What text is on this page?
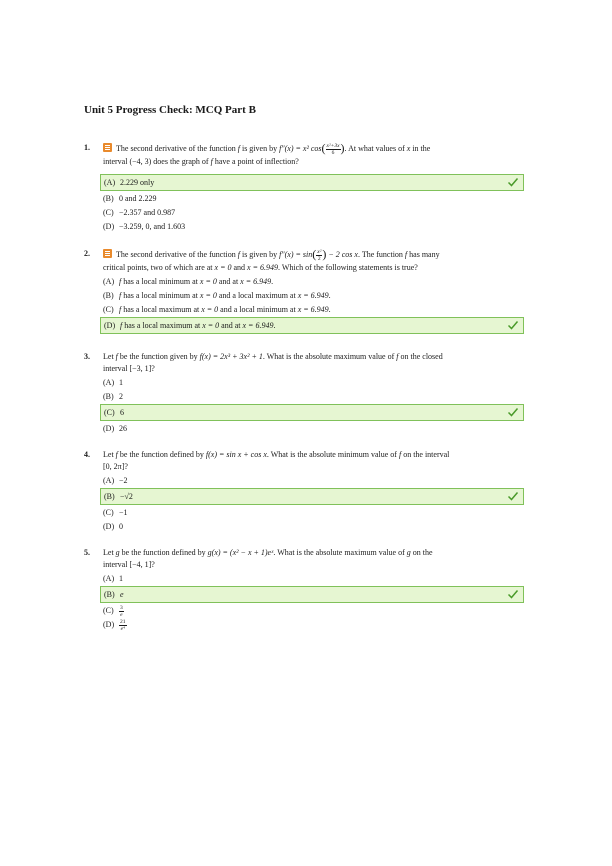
Unit 5 Progress Check: MCQ Part B
1.	The second derivative of the function f is given by f″(x) = x² $\cos( \frac{\text{x²+3x}}{6}$ ). At what values of x in the
interval (−4, 3) does the graph of f have a point of inflection?
(A) 2.229 only
(B) 0 and 2.229
(C) −2.357 and 0.987
(D) −3.259, 0, and 1.603
2.	The second derivative of the function f is given by $f''(x) = \sin( \frac{\text{x²}}{2}$ ) − 2 cos x. The function f has many
critical points, two of which are at x = 0 and x = 6.949. Which of the following statements is true?
(A) f has a local minimum at x = 0 and at x = 6.949.
(B) f has a local minimum at x = 0 and a local maximum at x = 6.949.
(C) f has a local maximum at x = 0 and a local minimum at x = 6.949.
(D) f has a local maximum at x = 0 and at x = 6.949.
3. Let f be the function given by f(x) = 2x³ + 3x² + 1. What is the absolute maximum value of f on the closed
interval [−3, 1]?
(A) 1
(B) 2
(C) 6
(D) 26
4. Let f be the function defined by f(x) = sin x + cos x. What is the absolute minimum value of f on the interval
[0, 2π]?
(A) −2
(B) −√2
(C) −1
(D) 0
5. Let g be the function defined by g(x) = (x² − x + 1)eˣ. What is the absolute maximum value of g on the
interval [−4, 1]?
(A) 1
(B) e
$(C) \frac{3}{e}$
$(D) \frac{21}{\text{e⁴}}$
